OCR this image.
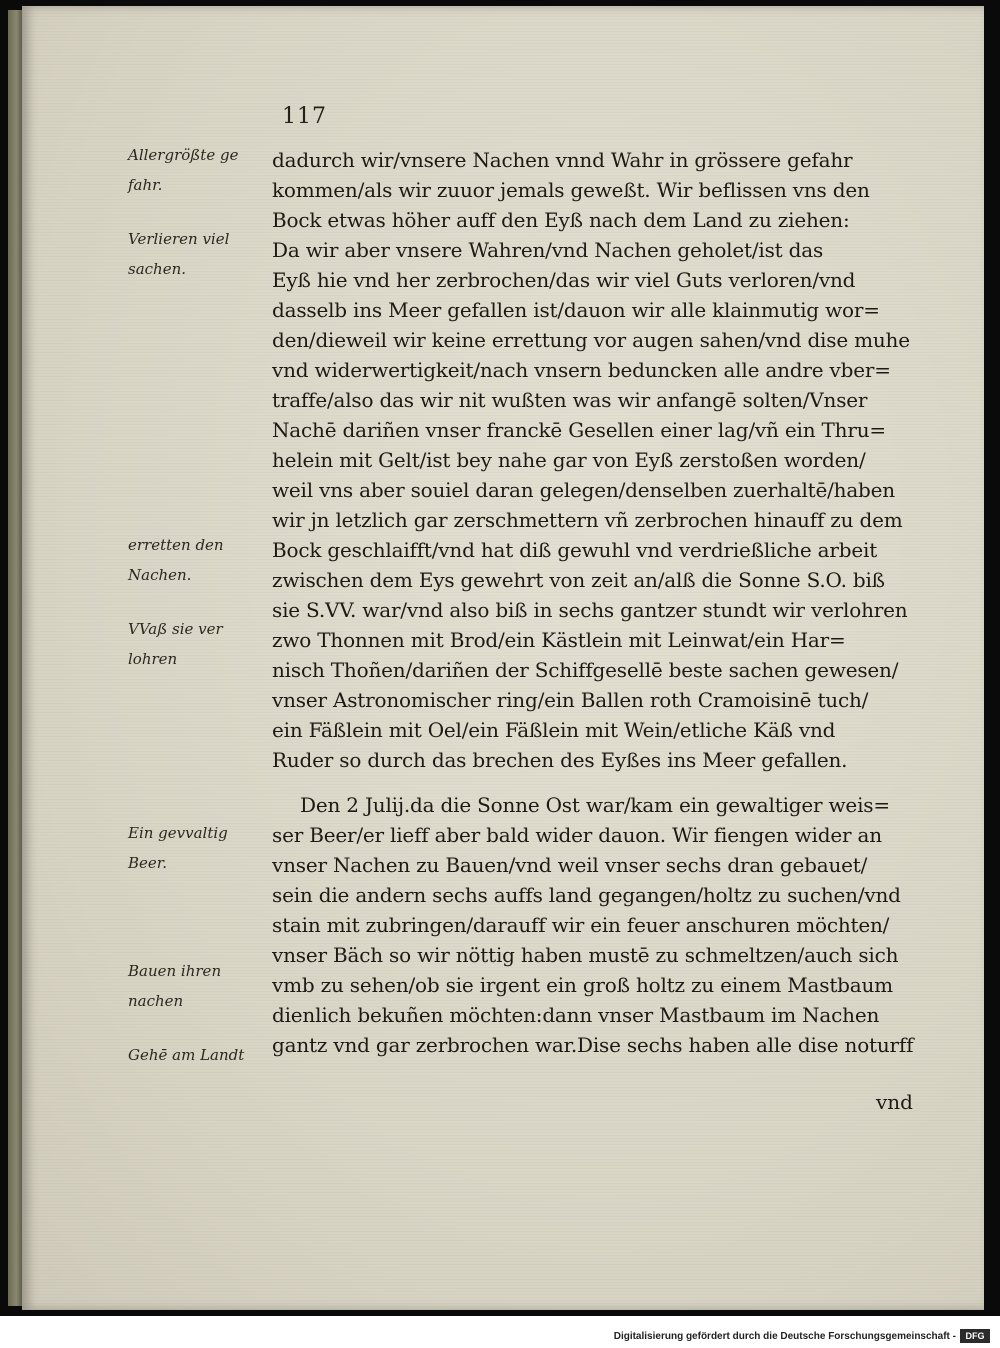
117
Allergrößte ge fahr.
Verlieren viel sachen.
erretten den Nachen.
VVaß sie ver lohren
Ein gevvaltig Beer.
Bauen ihren nachen
Gehē am Landt
dadurch wir/vnsere Nachen vnnd Wahr in grössere gefahr
kommen/als wir zuuor jemals geweßt. Wir beflissen vns den
Bock etwas höher auff den Eyß nach dem Land zu ziehen:
Da wir aber vnsere Wahren/vnd Nachen geholet/ist das
Eyß hie vnd her zerbrochen/das wir viel Guts verloren/vnd
dasselb ins Meer gefallen ist/dauon wir alle klainmutig wor=
den/dieweil wir keine errettung vor augen sahen/vnd dise muhe
vnd widerwertigkeit/nach vnsern beduncken alle andre vber=
traffe/also das wir nit wußten was wir anfangē solten/Vnser
Nachē dariñen vnser franckē Gesellen einer lag/vñ ein Thru=
helein mit Gelt/ist bey nahe gar von Eyß zerstoßen worden/
weil vns aber souiel daran gelegen/denselben zuerhaltē/haben
wir jn letzlich gar zerschmettern vñ zerbrochen hinauff zu dem
Bock geschlaifft/vnd hat diß gewuhl vnd verdrießliche arbeit
zwischen dem Eys gewehrt von zeit an/alß die Sonne S.O. biß
sie S.VV. war/vnd also biß in sechs gantzer stundt wir verlohren
zwo Thonnen mit Brod/ein Kästlein mit Leinwat/ein Har=
nisch Thoñen/dariñen der Schiffgesellē beste sachen gewesen/
vnser Astronomischer ring/ein Ballen roth Cramoisinē tuch/
ein Fäßlein mit Oel/ein Fäßlein mit Wein/etliche Käß vnd
Ruder so durch das brechen des Eyßes ins Meer gefallen.
Den 2 Julij.da die Sonne Ost war/kam ein gewaltiger weis=
ser Beer/er lieff aber bald wider dauon. Wir fiengen wider an
vnser Nachen zu Bauen/vnd weil vnser sechs dran gebauet/
sein die andern sechs auffs land gegangen/holtz zu suchen/vnd
stain mit zubringen/darauff wir ein feuer anschuren möchten/
vnser Bäch so wir nöttig haben mustē zu schmeltzen/auch sich
vmb zu sehen/ob sie irgent ein groß holtz zu einem Mastbaum
dienlich bekuñen möchten:dann vnser Mastbaum im Nachen
gantz vnd gar zerbrochen war.Dise sechs haben alle dise noturff
vnd
Digitalisierung gefördert durch die Deutsche Forschungsgemeinschaft -	DFG
